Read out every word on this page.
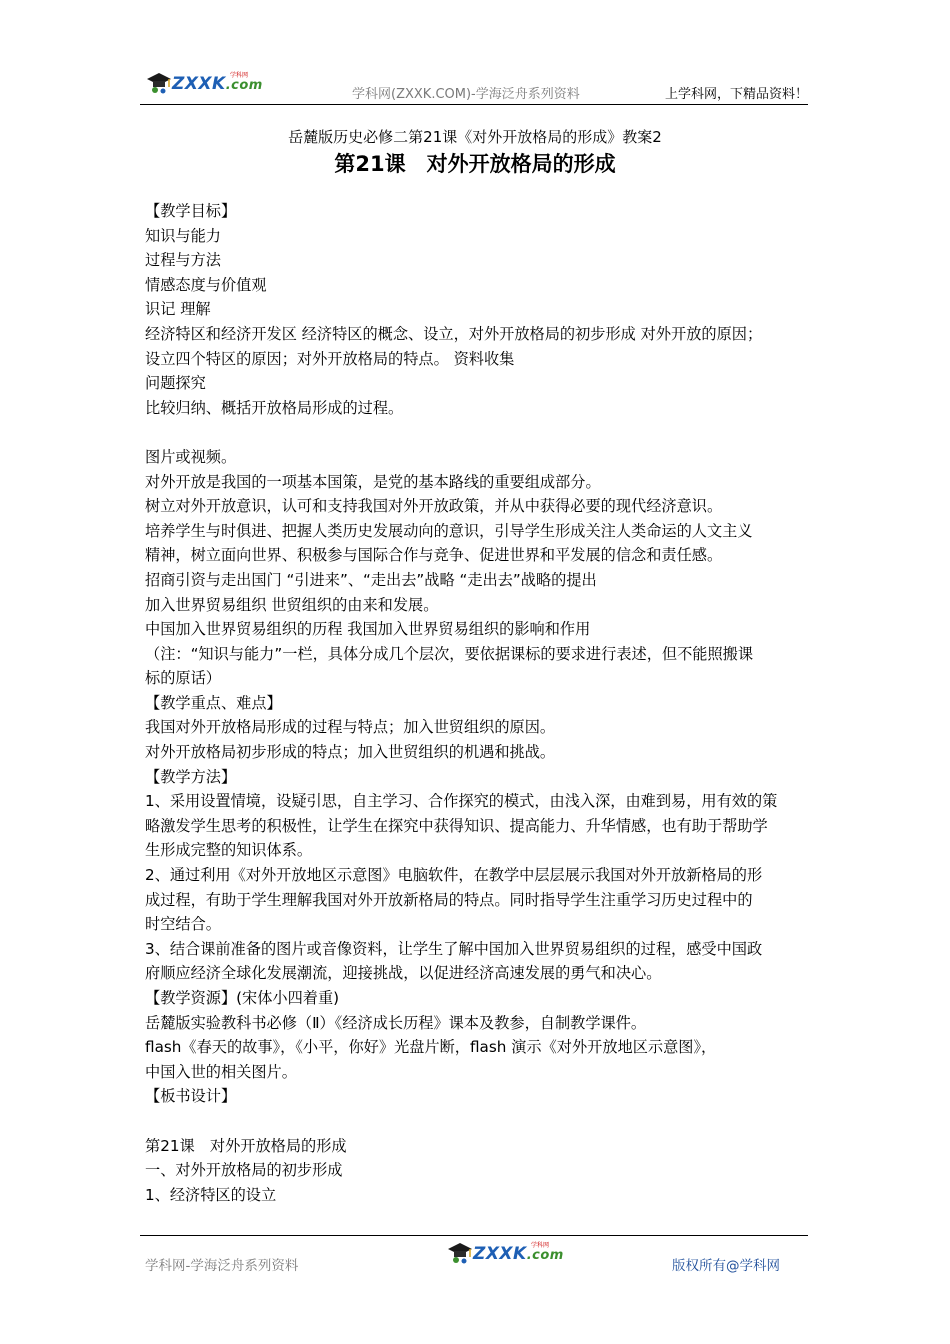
学科网
ZXXK.com
学科网(ZXXK.COM)-学海泛舟系列资料	上学科网，下精品资料！
岳麓版历史必修二第21课《对外开放格局的形成》教案2
第21课　对外开放格局的形成

【教学目标】

知识与能力

过程与方法

情感态度与价值观

识记 理解

经济特区和经济开发区 经济特区的概念、设立，对外开放格局的初步形成 对外开放的原因；

设立四个特区的原因；对外开放格局的特点。 资料收集

问题探究

比较归纳、概括开放格局形成的过程。

图片或视频。

对外开放是我国的一项基本国策，是党的基本路线的重要组成部分。

树立对外开放意识，认可和支持我国对外开放政策，并从中获得必要的现代经济意识。

培养学生与时俱进、把握人类历史发展动向的意识，引导学生形成关注人类命运的人文主义

精神，树立面向世界、积极参与国际合作与竞争、促进世界和平发展的信念和责任感。

招商引资与走出国门 “引进来”、“走出去”战略 “走出去”战略的提出

加入世界贸易组织 世贸组织的由来和发展。

中国加入世界贸易组织的历程 我国加入世界贸易组织的影响和作用

（注：“知识与能力”一栏，具体分成几个层次，要依据课标的要求进行表述，但不能照搬课

标的原话）

【教学重点、难点】

我国对外开放格局形成的过程与特点；加入世贸组织的原因。

对外开放格局初步形成的特点；加入世贸组织的机遇和挑战。

【教学方法】

1、采用设置情境，设疑引思，自主学习、合作探究的模式，由浅入深，由难到易，用有效的策

略激发学生思考的积极性，让学生在探究中获得知识、提高能力、升华情感，也有助于帮助学

生形成完整的知识体系。

2、通过利用《对外开放地区示意图》电脑软件，在教学中层层展示我国对外开放新格局的形

成过程，有助于学生理解我国对外开放新格局的特点。同时指导学生注重学习历史过程中的

时空结合。

3、结合课前准备的图片或音像资料，让学生了解中国加入世界贸易组织的过程，感受中国政

府顺应经济全球化发展潮流，迎接挑战，以促进经济高速发展的勇气和决心。

【教学资源】(宋体小四着重)

岳麓版实验教科书必修（Ⅱ）《经济成长历程》课本及教参，自制教学课件。

flash《春天的故事》，《小平，你好》光盘片断，flash 演示《对外开放地区示意图》，

中国入世的相关图片。

【板书设计】

第21课　对外开放格局的形成

一、对外开放格局的初步形成

1、经济特区的设立

学科网-学海泛舟系列资料
学科网
ZXXK.com
版权所有@学科网
